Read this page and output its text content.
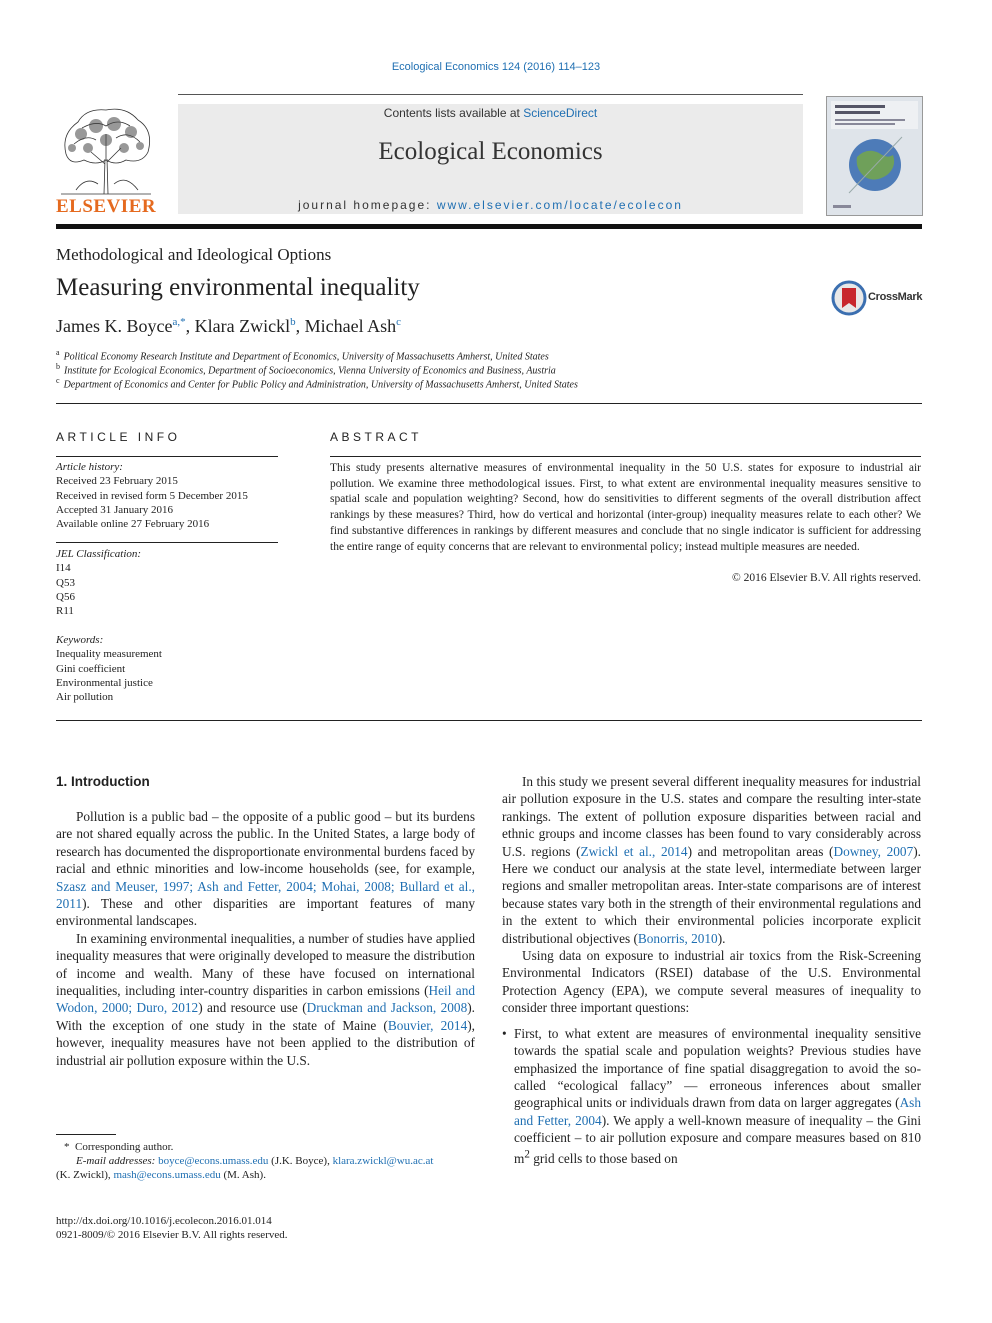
Ecological Economics 124 (2016) 114–123
ELSEVIER
Contents lists available at ScienceDirect
Ecological Economics
journal homepage: www.elsevier.com/locate/ecolecon
Methodological and Ideological Options
Measuring environmental inequality	CrossMark
James K. Boyce$^{a,*}$, Klara Zwickl$^b$, Michael Ash$^c$
$^a$ Political Economy Research Institute and Department of Economics, University of Massachusetts Amherst, United States
$^b$ Institute for Ecological Economics, Department of Socioeconomics, Vienna University of Economics and Business, Austria
$^c$ Department of Economics and Center for Public Policy and Administration, University of Massachusetts Amherst, United States
ARTICLE INFO
Article history:
Received 23 February 2015
Received in revised form 5 December 2015
Accepted 31 January 2016
Available online 27 February 2016
JEL Classification:
I14
Q53
Q56
R11
Keywords:
Inequality measurement
Gini coefficient
Environmental justice
Air pollution
ABSTRACT
This study presents alternative measures of environmental inequality in the 50 U.S. states for exposure to industrial air pollution. We examine three methodological issues. First, to what extent are environmental inequality measures sensitive to spatial scale and population weighting? Second, how do sensitivities to different segments of the overall distribution affect rankings by these measures? Third, how do vertical and horizontal (inter-group) inequality measures relate to each other? We find substantive differences in rankings by different measures and conclude that no single indicator is sufficient for addressing the entire range of equity concerns that are relevant to environmental policy; instead multiple measures are needed.
© 2016 Elsevier B.V. All rights reserved.
1. Introduction

Pollution is a public bad – the opposite of a public good – but its burdens are not shared equally across the public. In the United States, a large body of research has documented the disproportionate environmental burdens faced by racial and ethnic minorities and low-income households (see, for example, Szasz and Meuser, 1997; Ash and Fetter, 2004; Mohai, 2008; Bullard et al., 2011). These and other disparities are important features of many environmental landscapes.

In examining environmental inequalities, a number of studies have applied inequality measures that were originally developed to measure the distribution of income and wealth. Many of these have focused on international inequalities, including inter-country disparities in carbon emissions (Heil and Wodon, 2000; Duro, 2012) and resource use (Druckman and Jackson, 2008). With the exception of one study in the state of Maine (Bouvier, 2014), however, inequality measures have not been applied to the distribution of industrial air pollution exposure within the U.S.

In this study we present several different inequality measures for industrial air pollution exposure in the U.S. states and compare the resulting inter-state rankings. The extent of pollution exposure disparities between racial and ethnic groups and income classes has been found to vary considerably across U.S. regions (Zwickl et al., 2014) and metropolitan areas (Downey, 2007). Here we conduct our analysis at the state level, intermediate between larger regions and smaller metropolitan areas. Inter-state comparisons are of interest because states vary both in the strength of their environmental regulations and in the extent to which their environmental policies incorporate explicit distributional objectives (Bonorris, 2010).

Using data on exposure to industrial air toxics from the Risk-Screening Environmental Indicators (RSEI) database of the U.S. Environmental Protection Agency (EPA), we compute several measures of inequality to consider three important questions:

• First, to what extent are measures of environmental inequality sensitive towards the spatial scale and population weights? Previous studies have emphasized the importance of fine spatial disaggregation to avoid the so-called “ecological fallacy” — erroneous inferences about smaller geographical units or individuals drawn from data on larger aggregates (Ash and Fetter, 2004). We apply a well-known measure of inequality – the Gini coefficient – to air pollution exposure and compare measures based on 810 $m^2$ grid cells to those based on

* Corresponding author.
E-mail addresses: boyce@econs.umass.edu (J.K. Boyce), klara.zwickl@wu.ac.at
(K. Zwickl), mash@econs.umass.edu (M. Ash).
http://dx.doi.org/10.1016/j.ecolecon.2016.01.014
0921-8009/© 2016 Elsevier B.V. All rights reserved.
